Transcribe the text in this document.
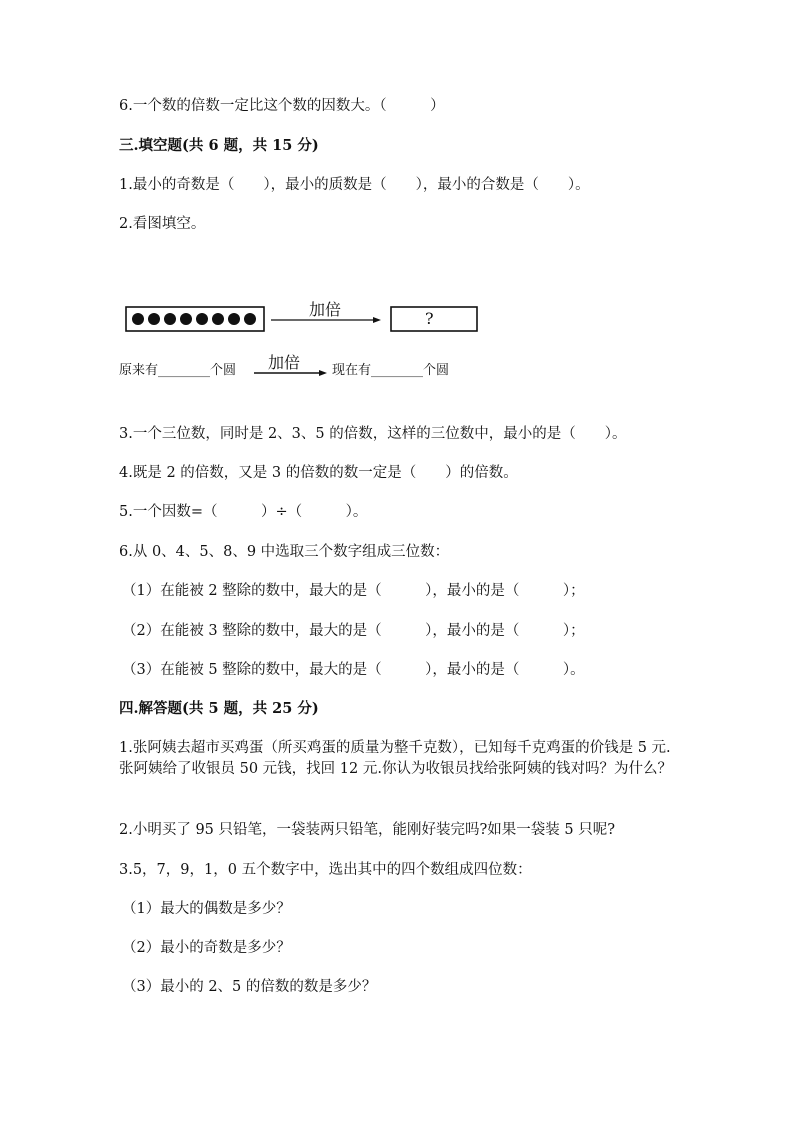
6.一个数的倍数一定比这个数的因数大。（　　　）
三.填空题(共 6 题，共 15 分)
1.最小的奇数是（　　），最小的质数是（　　），最小的合数是（　　）。
2.看图填空。
加倍	?
原来有________个圆 加倍 现在有________个圆
3.一个三位数，同时是 2、3、5 的倍数，这样的三位数中，最小的是（　　）。
4.既是 2 的倍数，又是 3 的倍数的数一定是（　　）的倍数。
5.一个因数=（　　　）÷（　　　）。
6.从 0、4、5、8、9 中选取三个数字组成三位数：
（1）在能被 2 整除的数中，最大的是（　　　），最小的是（　　　）；
（2）在能被 3 整除的数中，最大的是（　　　），最小的是（　　　）；
（3）在能被 5 整除的数中，最大的是（　　　），最小的是（　　　）。
四.解答题(共 5 题，共 25 分)
1.张阿姨去超市买鸡蛋（所买鸡蛋的质量为整千克数），已知每千克鸡蛋的价钱是 5 元.张阿姨给了收银员 50 元钱，找回 12 元.你认为收银员找给张阿姨的钱对吗？为什么？
2.小明买了 95 只铅笔，一袋装两只铅笔，能刚好装完吗?如果一袋装 5 只呢?
3.5，7，9，1，0 五个数字中，选出其中的四个数组成四位数：
（1）最大的偶数是多少？
（2）最小的奇数是多少？
（3）最小的 2、5 的倍数的数是多少？
